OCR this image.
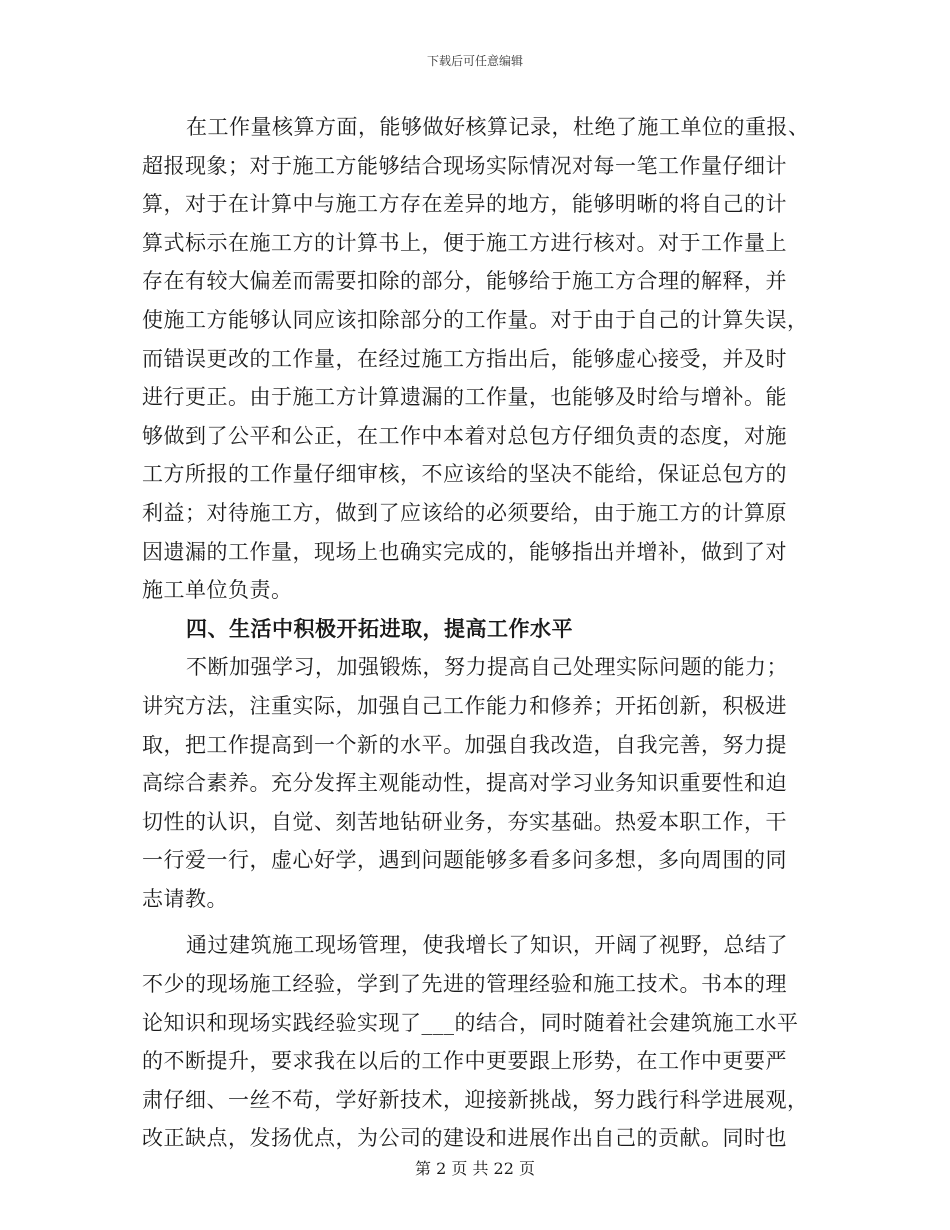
下载后可任意编辑
在工作量核算方面，能够做好核算记录，杜绝了施工单位的重报、
超报现象；对于施工方能够结合现场实际情况对每一笔工作量仔细计
算，对于在计算中与施工方存在差异的地方，能够明晰的将自己的计
算式标示在施工方的计算书上，便于施工方进行核对。对于工作量上
存在有较大偏差而需要扣除的部分，能够给于施工方合理的解释，并
使施工方能够认同应该扣除部分的工作量。对于由于自己的计算失误，
而错误更改的工作量，在经过施工方指出后，能够虚心接受，并及时
进行更正。由于施工方计算遗漏的工作量，也能够及时给与增补。能
够做到了公平和公正，在工作中本着对总包方仔细负责的态度，对施
工方所报的工作量仔细审核，不应该给的坚决不能给，保证总包方的
利益；对待施工方，做到了应该给的必须要给，由于施工方的计算原
因遗漏的工作量，现场上也确实完成的，能够指出并增补，做到了对
施工单位负责。
四、生活中积极开拓进取，提高工作水平
不断加强学习，加强锻炼，努力提高自己处理实际问题的能力；
讲究方法，注重实际，加强自己工作能力和修养；开拓创新，积极进
取，把工作提高到一个新的水平。加强自我改造，自我完善，努力提
高综合素养。充分发挥主观能动性，提高对学习业务知识重要性和迫
切性的认识，自觉、刻苦地钻研业务，夯实基础。热爱本职工作，干
一行爱一行，虚心好学，遇到问题能够多看多问多想，多向周围的同
志请教。
通过建筑施工现场管理，使我增长了知识，开阔了视野，总结了
不少的现场施工经验，学到了先进的管理经验和施工技术。书本的理
论知识和现场实践经验实现了___的结合，同时随着社会建筑施工水平
的不断提升，要求我在以后的工作中更要跟上形势，在工作中更要严
肃仔细、一丝不苟，学好新技术，迎接新挑战，努力践行科学进展观，
改正缺点，发扬优点，为公司的建设和进展作出自己的贡献。同时也
第 2 页 共 22 页
